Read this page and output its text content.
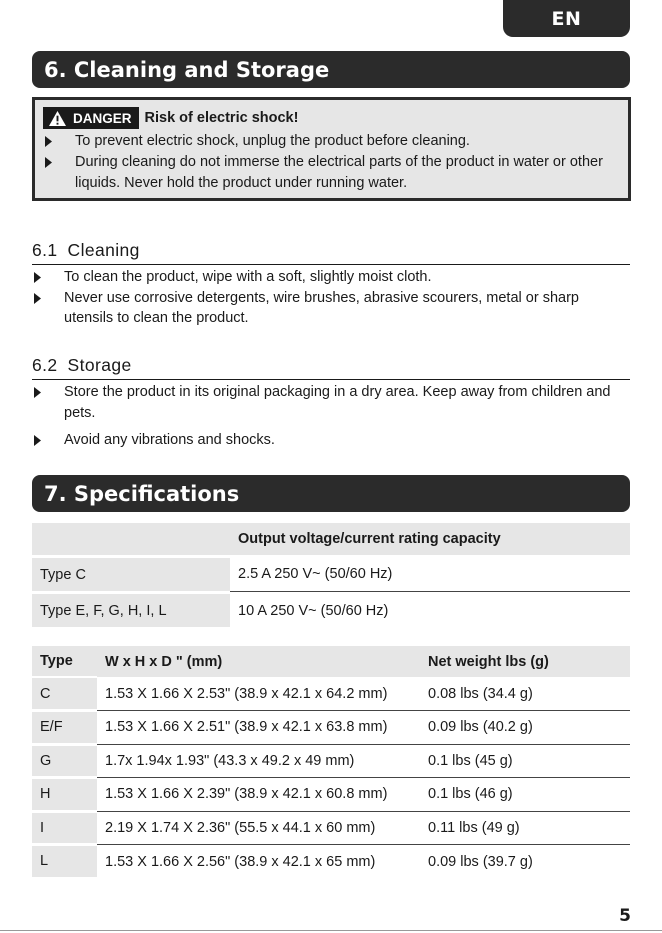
EN
6. Cleaning and Storage
DANGER Risk of electric shock!
To prevent electric shock, unplug the product before cleaning.
During cleaning do not immerse the electrical parts of the product in water or other liquids. Never hold the product under running water.
6.1 Cleaning
To clean the product, wipe with a soft, slightly moist cloth.
Never use corrosive detergents, wire brushes, abrasive scourers, metal or sharp utensils to clean the product.
6.2 Storage
Store the product in its original packaging in a dry area. Keep away from children and pets.
Avoid any vibrations and shocks.
7. Specifications
	Output voltage/current rating capacity

Type C	2.5 A 250 V~ (50/60 Hz)

Type E, F, G, H, I, L	10 A 250 V~ (50/60 Hz)
Type	W x H x D " (mm)	Net weight lbs (g)
C	1.53 X 1.66 X 2.53" (38.9 x 42.1 x 64.2 mm)	0.08 lbs (34.4 g)
E/F	1.53 X 1.66 X 2.51" (38.9 x 42.1 x 63.8 mm)	0.09 lbs (40.2 g)
G	1.7x 1.94x 1.93" (43.3 x 49.2 x 49 mm)	0.1 lbs (45 g)
H	1.53 X 1.66 X 2.39" (38.9 x 42.1 x 60.8 mm)	0.1 lbs (46 g)
I	2.19 X 1.74 X 2.36" (55.5 x 44.1 x 60 mm)	0.11 lbs (49 g)
L	1.53 X 1.66 X 2.56" (38.9 x 42.1 x 65 mm)	0.09 lbs (39.7 g)
5
